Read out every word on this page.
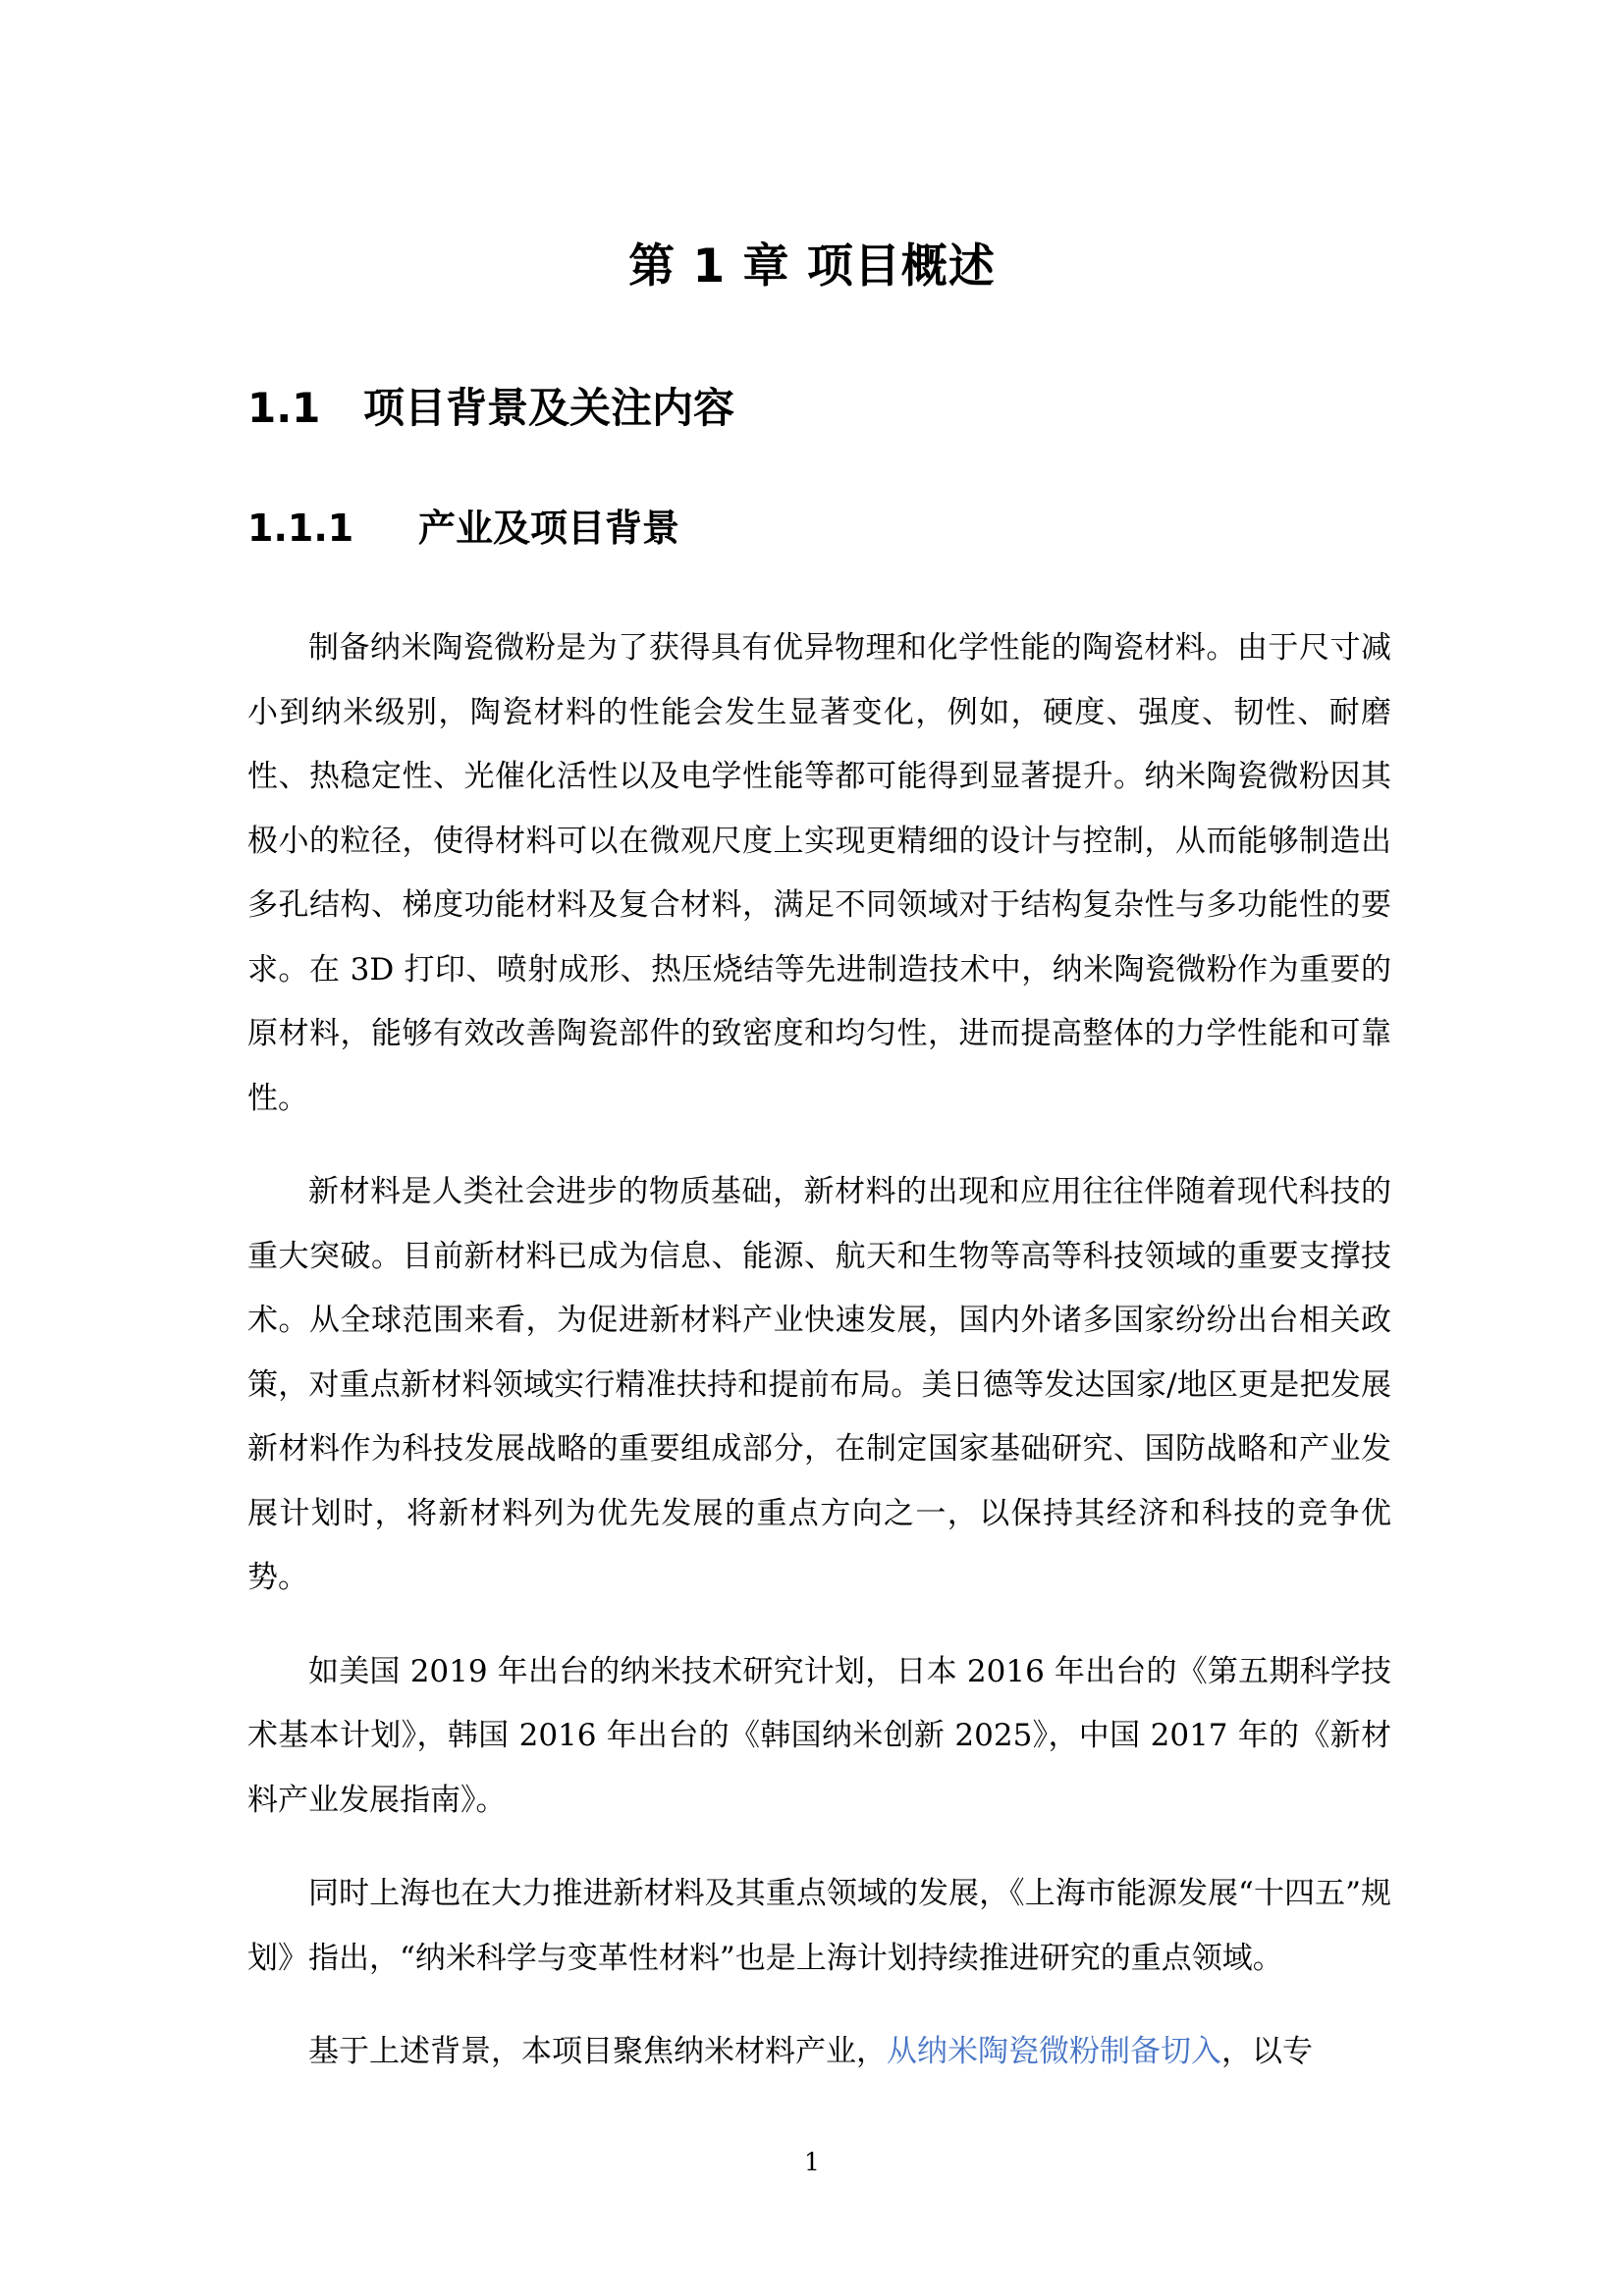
第 1 章 项目概述
1.1 项目背景及关注内容
1.1.1 产业及项目背景

制备纳米陶瓷微粉是为了获得具有优异物理和化学性能的陶瓷材料。由于尺寸减小到纳米级别，陶瓷材料的性能会发生显著变化，例如，硬度、强度、韧性、耐磨性、热稳定性、光催化活性以及电学性能等都可能得到显著提升。纳米陶瓷微粉因其极小的粒径，使得材料可以在微观尺度上实现更精细的设计与控制，从而能够制造出多孔结构、梯度功能材料及复合材料，满足不同领域对于结构复杂性与多功能性的要求。在 3D 打印、喷射成形、热压烧结等先进制造技术中，纳米陶瓷微粉作为重要的原材料，能够有效改善陶瓷部件的致密度和均匀性，进而提高整体的力学性能和可靠性。

新材料是人类社会进步的物质基础，新材料的出现和应用往往伴随着现代科技的重大突破。目前新材料已成为信息、能源、航天和生物等高等科技领域的重要支撑技术。从全球范围来看，为促进新材料产业快速发展，国内外诸多国家纷纷出台相关政策，对重点新材料领域实行精准扶持和提前布局。美日德等发达国家/地区更是把发展新材料作为科技发展战略的重要组成部分，在制定国家基础研究、国防战略和产业发展计划时，将新材料列为优先发展的重点方向之一，以保持其经济和科技的竞争优势。

如美国 2019 年出台的纳米技术研究计划，日本 2016 年出台的《第五期科学技术基本计划》，韩国 2016 年出台的《韩国纳米创新 2025》，中国 2017 年的《新材料产业发展指南》。

同时上海也在大力推进新材料及其重点领域的发展，《上海市能源发展“十四五”规划》指出，“纳米科学与变革性材料”也是上海计划持续推进研究的重点领域。

基于上述背景，本项目聚焦纳米材料产业，从纳米陶瓷微粉制备切入，以专

1
